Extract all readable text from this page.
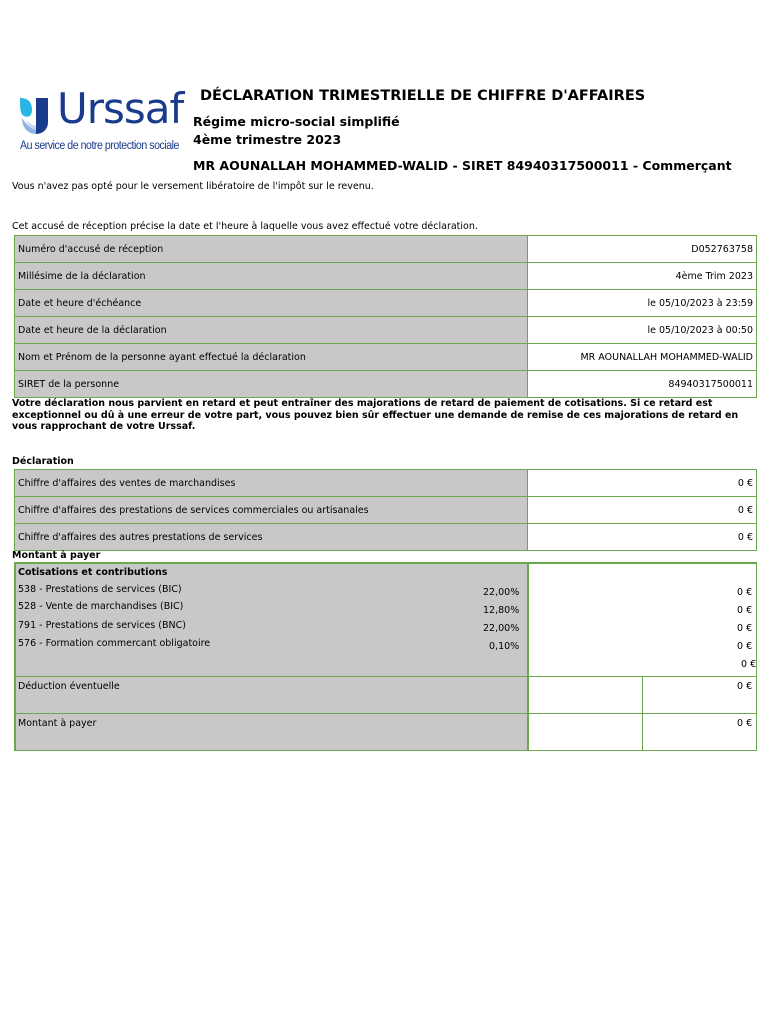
Urssaf
Au service de notre protection sociale
DÉCLARATION TRIMESTRIELLE DE CHIFFRE D'AFFAIRES
Régime micro-social simplifié
4ème trimestre 2023
MR AOUNALLAH MOHAMMED-WALID - SIRET 84940317500011 - Commerçant
Vous n'avez pas opté pour le versement libératoire de l'impôt sur le revenu.
Cet accusé de réception précise la date et l'heure à laquelle vous avez effectué votre déclaration.
Numéro d'accusé de réception	D052763758
Millésime de la déclaration	4ème Trim 2023
Date et heure d'échéance	le 05/10/2023 à 23:59
Date et heure de la déclaration	le 05/10/2023 à 00:50
Nom et Prénom de la personne ayant effectué la déclaration	MR AOUNALLAH MOHAMMED-WALID
SIRET de la personne	84940317500011
Votre déclaration nous parvient en retard et peut entraîner des majorations de retard de paiement de cotisations. Si ce retard est exceptionnel ou dû à une erreur de votre part, vous pouvez bien sûr effectuer une demande de remise de ces majorations de retard en vous rapprochant de votre Urssaf.
Déclaration
Chiffre d'affaires des ventes de marchandises	0 €
Chiffre d'affaires des prestations de services commerciales ou artisanales	0 €
Chiffre d'affaires des autres prestations de services	0 €
Montant à payer
Cotisations et contributions
538 - Prestations de services (BIC)	22,00%	0 €
528 - Vente de marchandises (BIC)	12,80%	0 €
791 - Prestations de services (BNC)	22,00%	0 €
576 - Formation commercant obligatoire	0,10%	0 €
0 €
Déduction éventuelle	0 €
Montant à payer	0 €
